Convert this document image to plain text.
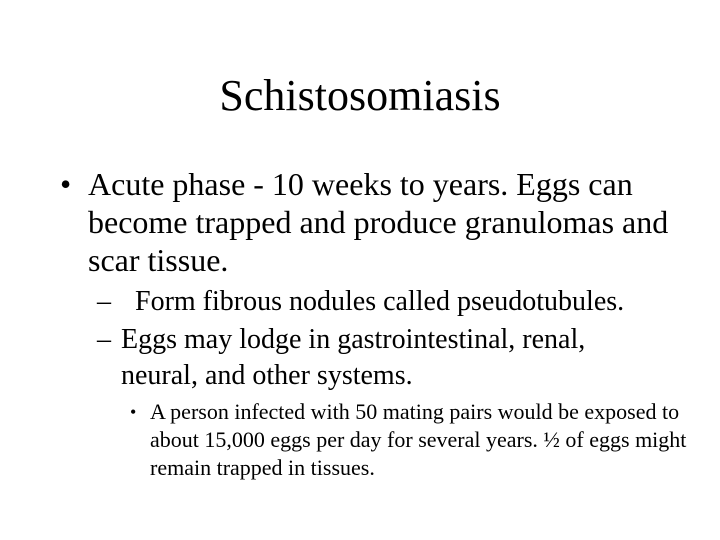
Schistosomiasis
• Acute phase - 10 weeks to years. Eggs can become trapped and produce granulomas and scar tissue.
– Form fibrous nodules called pseudotubules.
– Eggs may lodge in gastrointestinal, renal, neural, and other systems.
• A person infected with 50 mating pairs would be exposed to about 15,000 eggs per day for several years. ½ of eggs might remain trapped in tissues.
